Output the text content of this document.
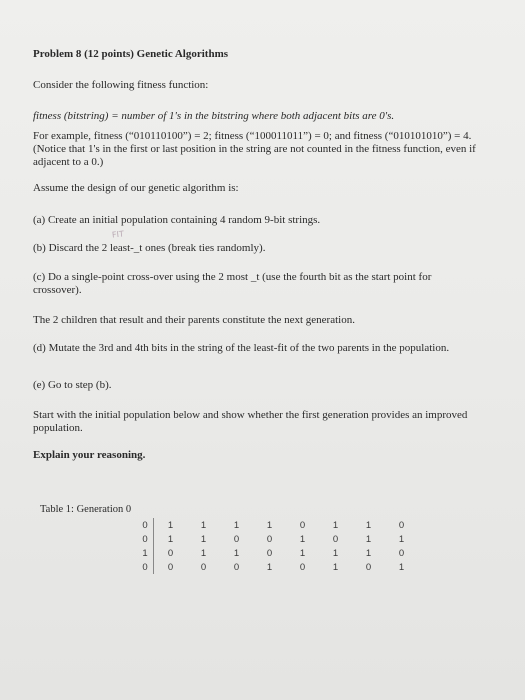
Problem 8 (12 points) Genetic Algorithms
Consider the following fitness function:
fitness (bitstring) = number of 1's in the bitstring where both adjacent bits are 0's.
For example, fitness (“010110100”) = 2; fitness (“100011011”) = 0; and fitness (“010101010”) = 4. (Notice that 1's in the first or last position in the string are not counted in the fitness function, even if adjacent to a 0.)
Assume the design of our genetic algorithm is:
(a) Create an initial population containing 4 random 9-bit strings.
FIT
(b) Discard the 2 least-_t ones (break ties randomly).
(c) Do a single-point cross-over using the 2 most _t (use the fourth bit as the start point for crossover).
The 2 children that result and their parents constitute the next generation.
(d) Mutate the 3rd and 4th bits in the string of the least-fit of the two parents in the population.
(e) Go to step (b).
Start with the initial population below and show whether the first generation provides an improved population.
Explain your reasoning.
Table 1: Generation 0
0	1	1	1	1	0	1	1	0
0	1	1	0	0	1	0	1	1
1	0	1	1	0	1	1	1	0
0	0	0	0	1	0	1	0	1
